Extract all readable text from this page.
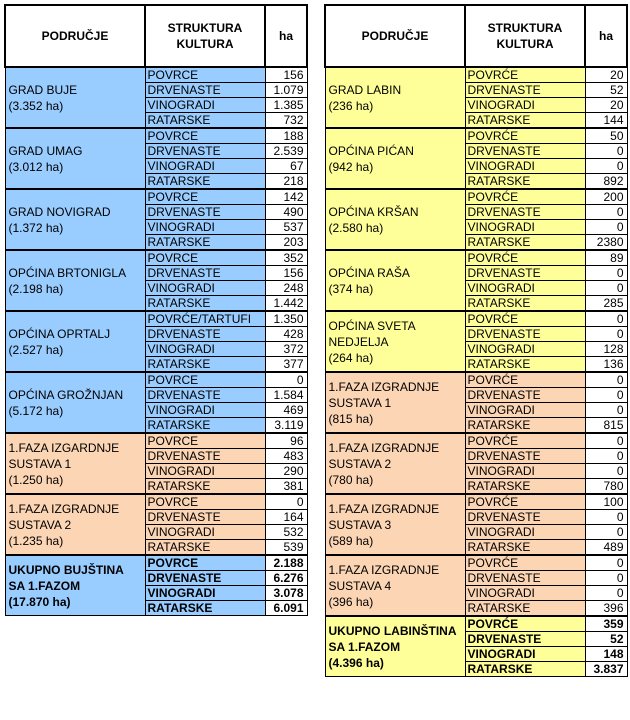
PODRUČJE	STRUKTURA KULTURA	ha

GRAD BUJE
(3.352 ha)	POVRCE	156
	DRVENASTE	1.079
	VINOGRADI	1.385
	RATARSKE	732

GRAD UMAG
(3.012 ha)	POVRCE	188
	DRVENASTE	2.539
	VINOGRADI	67
	RATARSKE	218

GRAD NOVIGRAD
(1.372 ha)	POVRCE	142
	DRVENASTE	490
	VINOGRADI	537
	RATARSKE	203

OPĆINA BRTONIGLA
(2.198 ha)	POVRCE	352
	DRVENASTE	156
	VINOGRADI	248
	RATARSKE	1.442

OPĆINA OPRTALJ
(2.527 ha)	POVRĆE/TARTUFI	1.350
	DRVENASTE	428
	VINOGRADI	372
	RATARSKE	377

OPĆINA GROŽNJAN
(5.172 ha)	POVRCE	0
	DRVENASTE	1.584
	VINOGRADI	469
	RATARSKE	3.119

1.FAZA IZGARDNJE SUSTAVA 1
(1.250 ha)	POVRCE	96
	DRVENASTE	483
	VINOGRADI	290
	RATARSKE	381

1.FAZA IZGRADNJE SUSTAVA 2
(1.235 ha)	POVRCE	0
	DRVENASTE	164
	VINOGRADI	532
	RATARSKE	539

UKUPNO BUJŠTINA SA 1.FAZOM
(17.870 ha)	POVRCE	2.188
	DRVENASTE	6.276
	VINOGRADI	3.078
	RATARSKE	6.091
PODRUČJE	STRUKTURA KULTURA	ha

GRAD LABIN
(236 ha)	POVRĆE	20
	DRVENASTE	52
	VINOGRADI	20
	RATARSKE	144

OPĆINA PIĆAN
(942 ha)	POVRĆE	50
	DRVENASTE	0
	VINOGRADI	0
	RATARSKE	892

OPĆINA KRŠAN
(2.580 ha)	POVRĆE	200
	DRVENASTE	0
	VINOGRADI	0
	RATARSKE	2380

OPĆINA RAŠA
(374 ha)	POVRĆE	89
	DRVENASTE	0
	VINOGRADI	0
	RATARSKE	285

OPĆINA SVETA NEDJELJA
(264 ha)	POVRĆE	0
	DRVENASTE	0
	VINOGRADI	128
	RATARSKE	136

1.FAZA IZGRADNJE SUSTAVA 1
(815 ha)	POVRĆE	0
	DRVENASTE	0
	VINOGRADI	0
	RATARSKE	815

1.FAZA IZGRADNJE SUSTAVA 2
(780 ha)	POVRĆE	0
	DRVENASTE	0
	VINOGRADI	0
	RATARSKE	780

1.FAZA IZGRADNJE SUSTAVA 3
(589 ha)	POVRĆE	100
	DRVENASTE	0
	VINOGRADI	0
	RATARSKE	489

1.FAZA IZGRADNJE SUSTAVA 4
(396 ha)	POVRĆE	0
	DRVENASTE	0
	VINOGRADI	0
	RATARSKE	396

UKUPNO LABINŠTINA SA 1.FAZOM
(4.396 ha)	POVRĆE	359
	DRVENASTE	52
	VINOGRADI	148
	RATARSKE	3.837
